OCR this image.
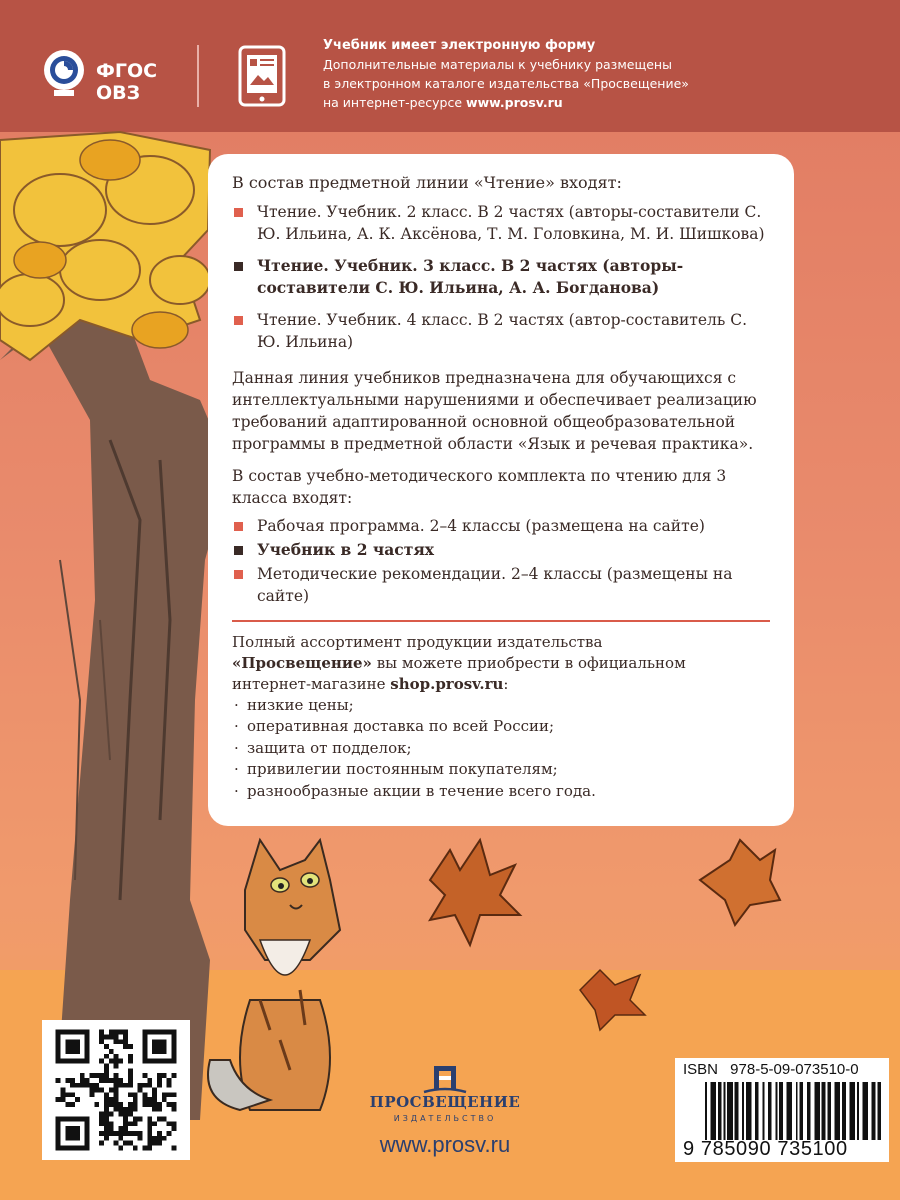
ФГОС
ОВЗ
Учебник имеет электронную форму
Дополнительные материалы к учебнику размещены
в электронном каталоге издательства «Просвещение»
на интернет-ресурсе www.prosv.ru
В состав предметной линии «Чтение» входят:
Чтение. Учебник. 2 класс. В 2 частях (авторы-составители С. Ю. Ильина, А. К. Аксёнова, Т. М. Головкина, М. И. Шишкова)
Чтение. Учебник. 3 класс. В 2 частях (авторы-составители С. Ю. Ильина, А. А. Богданова)
Чтение. Учебник. 4 класс. В 2 частях (автор-составитель С. Ю. Ильина)
Данная линия учебников предназначена для обучающихся с интеллектуальными нарушениями и обеспечивает реализацию требований адаптированной основной общеобразовательной программы в предметной области «Язык и речевая практика».
В состав учебно-методического комплекта по чтению для 3 класса входят:
Рабочая программа. 2–4 классы (размещена на сайте)
Учебник в 2 частях
Методические рекомендации. 2–4 классы (размещены на сайте)
Полный ассортимент продукции издательства
«Просвещение» вы можете приобрести в официальном
интернет-магазине shop.prosv.ru:
· низкие цены;
· оперативная доставка по всей России;
· защита от подделок;
· привилегии постоянным покупателям;
· разнообразные акции в течение всего года.
ПРОСВЕЩЕНИЕ
ИЗДАТЕЛЬСТВО
www.prosv.ru
ISBN 978-5-09-073510-0
9 785090 735100
